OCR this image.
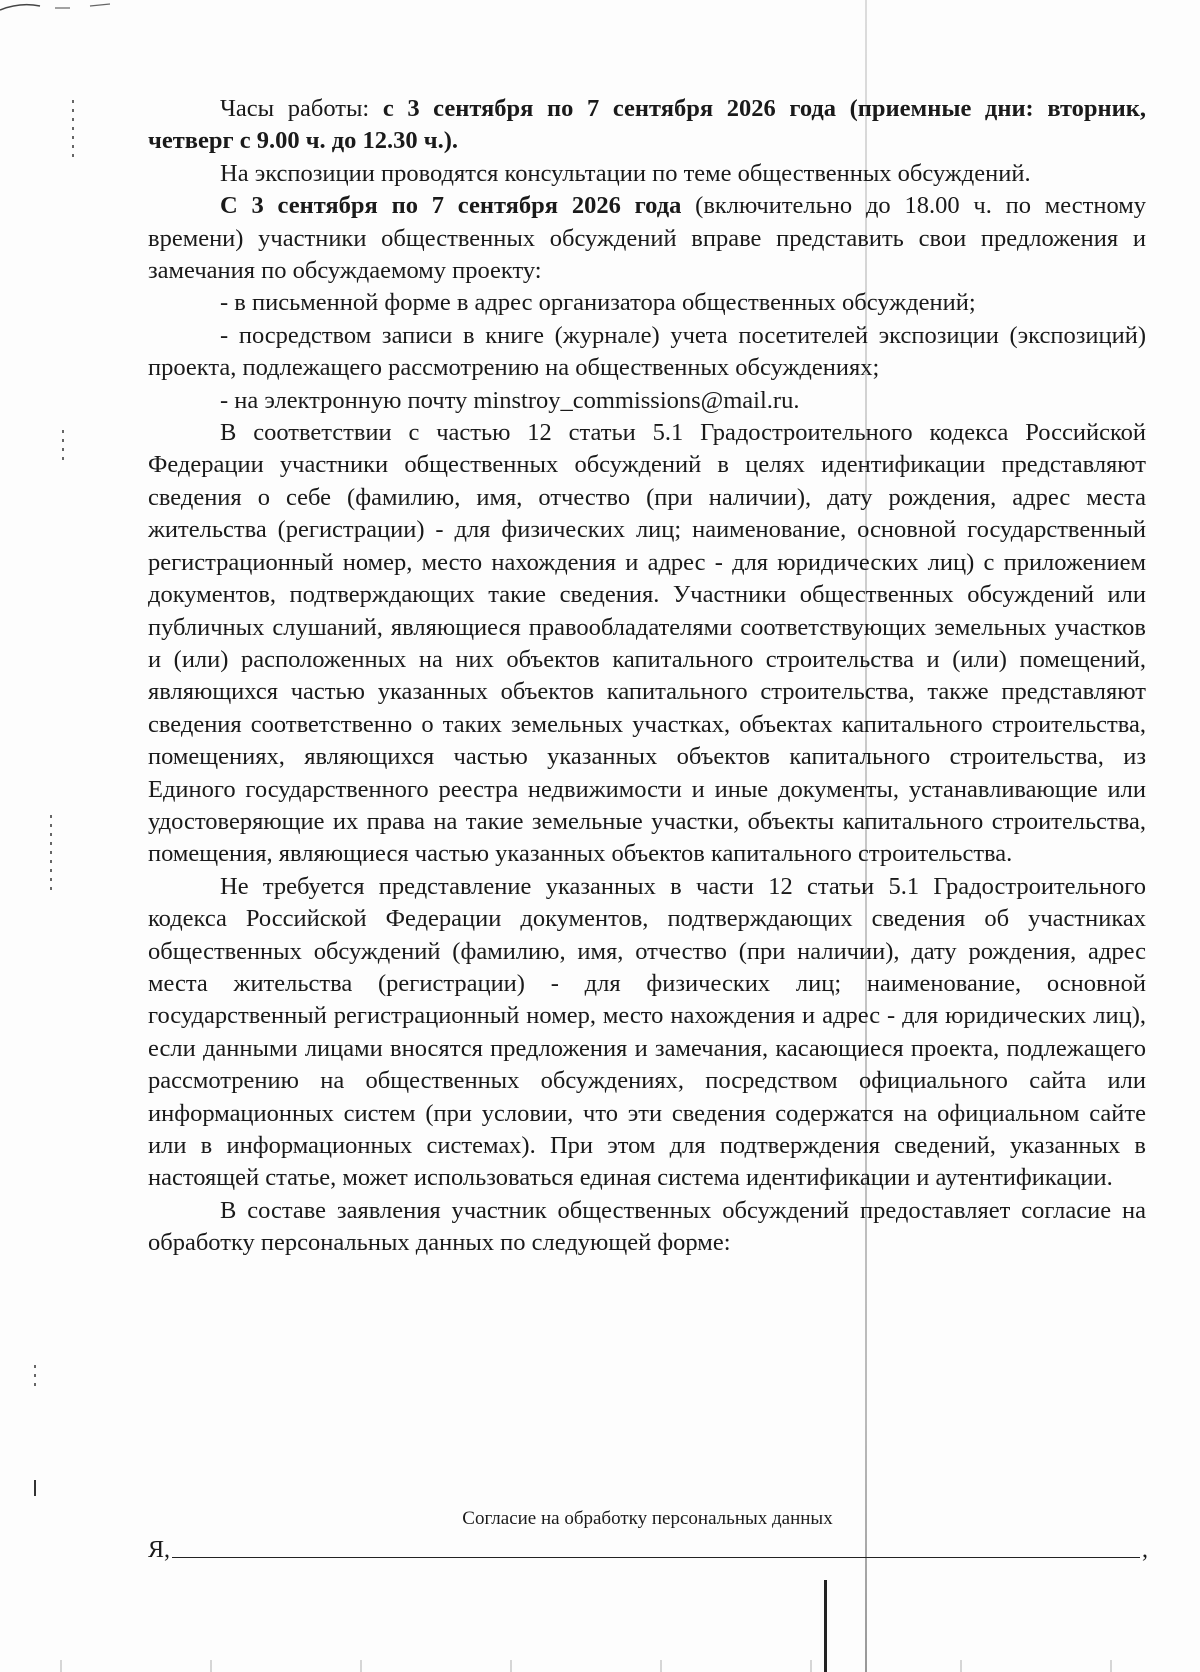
Часы работы: с 3 сентября по 7 сентября 2026 года (приемные дни: вторник, четверг с 9.00 ч. до 12.30 ч.).

На экспозиции проводятся консультации по теме общественных обсуждений.

С 3 сентября по 7 сентября 2026 года (включительно до 18.00 ч. по местному времени) участники общественных обсуждений вправе представить свои предложения и замечания по обсуждаемому проекту:

- в письменной форме в адрес организатора общественных обсуждений;

- посредством записи в книге (журнале) учета посетителей экспозиции (экспозиций) проекта, подлежащего рассмотрению на общественных обсуждениях;

- на электронную почту minstroy_commissions@mail.ru.

В соответствии с частью 12 статьи 5.1 Градостроительного кодекса Российской Федерации участники общественных обсуждений в целях идентификации представляют сведения о себе (фамилию, имя, отчество (при наличии), дату рождения, адрес места жительства (регистрации) - для физических лиц; наименование, основной государственный регистрационный номер, место нахождения и адрес - для юридических лиц) с приложением документов, подтверждающих такие сведения. Участники общественных обсуждений или публичных слушаний, являющиеся правообладателями соответствующих земельных участков и (или) расположенных на них объектов капитального строительства и (или) помещений, являющихся частью указанных объектов капитального строительства, также представляют сведения соответственно о таких земельных участках, объектах капитального строительства, помещениях, являющихся частью указанных объектов капитального строительства, из Единого государственного реестра недвижимости и иные документы, устанавливающие или удостоверяющие их права на такие земельные участки, объекты капитального строительства, помещения, являющиеся частью указанных объектов капитального строительства.

Не требуется представление указанных в части 12 статьи 5.1 Градостроительного кодекса Российской Федерации документов, подтверждающих сведения об участниках общественных обсуждений (фамилию, имя, отчество (при наличии), дату рождения, адрес места жительства (регистрации) - для физических лиц; наименование, основной государственный регистрационный номер, место нахождения и адрес - для юридических лиц), если данными лицами вносятся предложения и замечания, касающиеся проекта, подлежащего рассмотрению на общественных обсуждениях, посредством официального сайта или информационных систем (при условии, что эти сведения содержатся на официальном сайте или в информационных системах). При этом для подтверждения сведений, указанных в настоящей статье, может использоваться единая система идентификации и аутентификации.

В составе заявления участник общественных обсуждений предоставляет согласие на обработку персональных данных по следующей форме:

Согласие на обработку персональных данных
Я,	,
